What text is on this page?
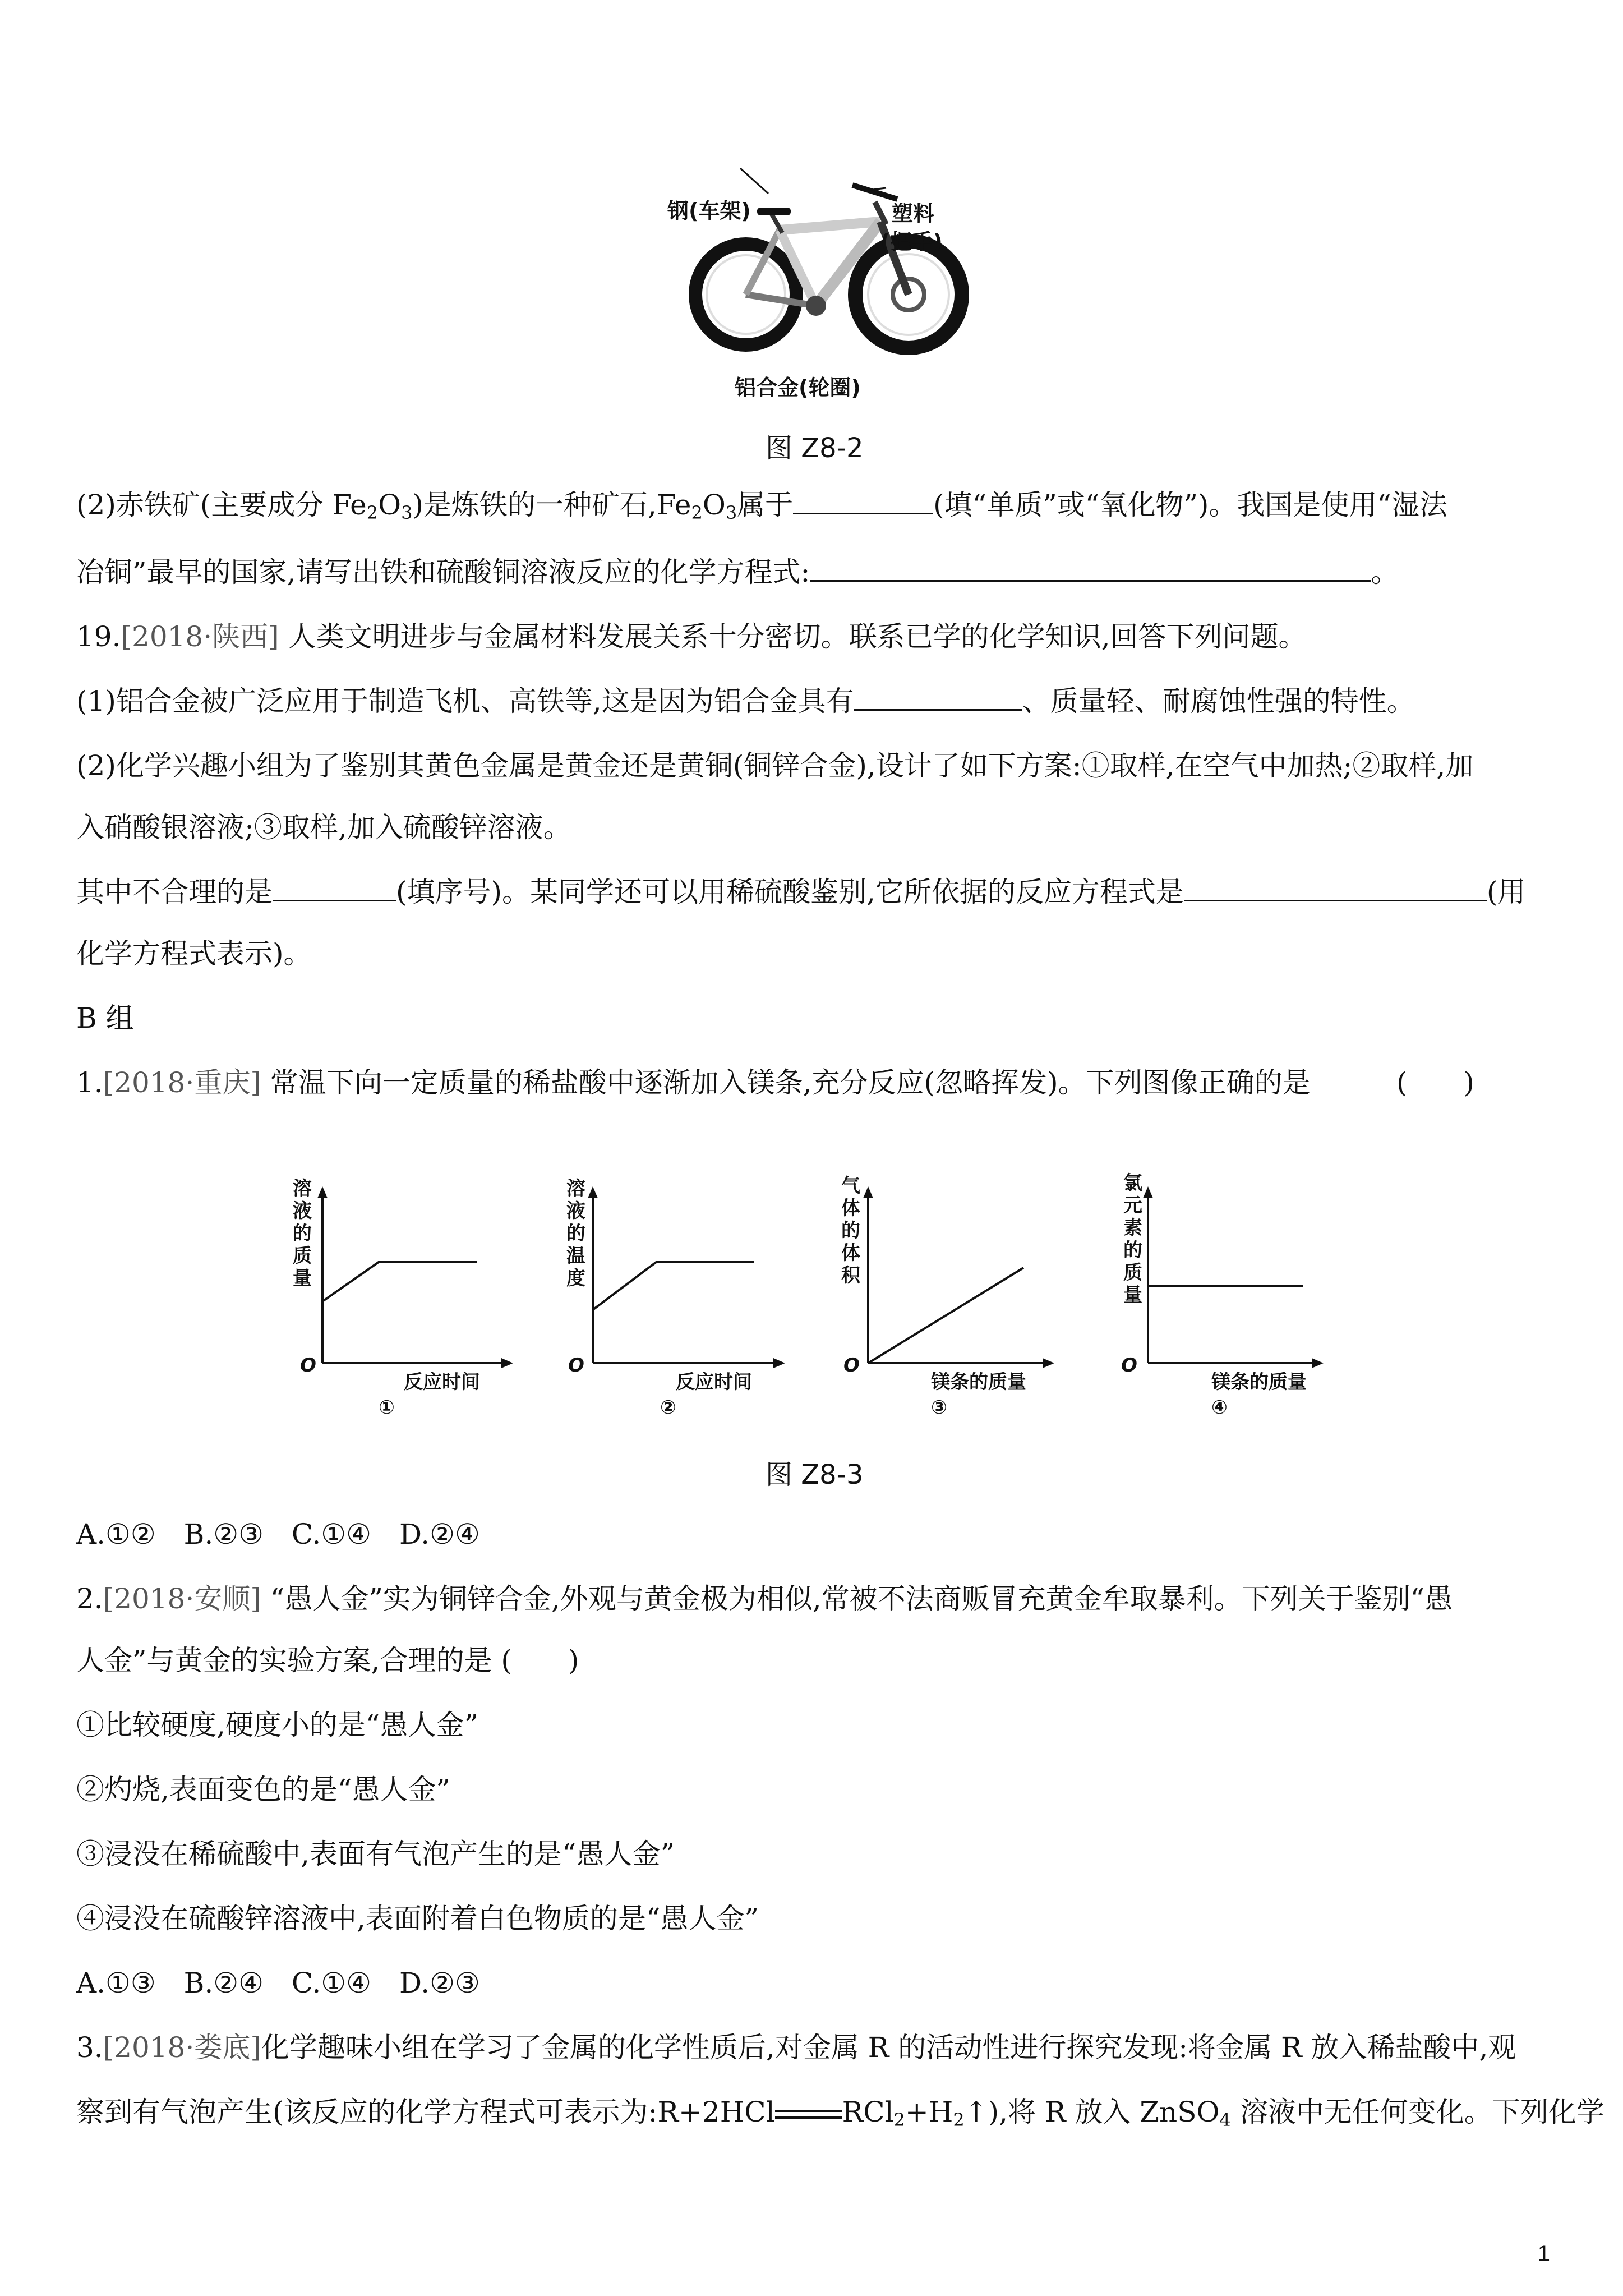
钢(车架)	塑料
(把手)
铝合金(轮圈)
图 Z8-2
(2)赤铁矿(主要成分 $Fe_2O_3$)是炼铁的一种矿石$,Fe_2O_3$属于	(填“单质”或“氧化物”)。我国是使用“湿法
冶铜”最早的国家,请写出铁和硫酸铜溶液反应的化学方程式:	。
19.[2018·陕西] 人类文明进步与金属材料发展关系十分密切。联系已学的化学知识,回答下列问题。
(1)铝合金被广泛应用于制造飞机、高铁等,这是因为铝合金具有	、质量轻、耐腐蚀性强的特性。
(2)化学兴趣小组为了鉴别其黄色金属是黄金还是黄铜(铜锌合金),设计了如下方案:①取样,在空气中加热;②取样,加
入硝酸银溶液;③取样,加入硫酸锌溶液。
其中不合理的是	(填序号)。某同学还可以用稀硫酸鉴别,它所依据的反应方程式是	(用
化学方程式表示)。
B 组
1.[2018·重庆] 常温下向一定质量的稀盐酸中逐渐加入镁条,充分反应(忽略挥发)。下列图像正确的是	(　　)
溶
液
的
质
量
O
反应时间
①
溶
液
的
温
度
O
反应时间
②
气
体
的
体
积
O
镁条的质量
③
氯
元
素
的
质
量
O
镁条的质量
④
图 Z8-3
A.①②　B.②③　C.①④　D.②④
2.[2018·安顺] “愚人金”实为铜锌合金,外观与黄金极为相似,常被不法商贩冒充黄金牟取暴利。下列关于鉴别“愚
人金”与黄金的实验方案,合理的是 (　　)
①比较硬度,硬度小的是“愚人金”
②灼烧,表面变色的是“愚人金”
③浸没在稀硫酸中,表面有气泡产生的是“愚人金”
④浸没在硫酸锌溶液中,表面附着白色物质的是“愚人金”
A.①③　B.②④　C.①④　D.②③
3.[2018·娄底]化学趣味小组在学习了金属的化学性质后,对金属 R 的活动性进行探究发现:将金属 R 放入稀盐酸中,观
察到有气泡产生(该反应的化学方程式可表示为:R+2HCl $RCl_2+H_2↑$),将 R 放入 ZnSO$_4$ 溶液中无任何变化。下列化学
1
